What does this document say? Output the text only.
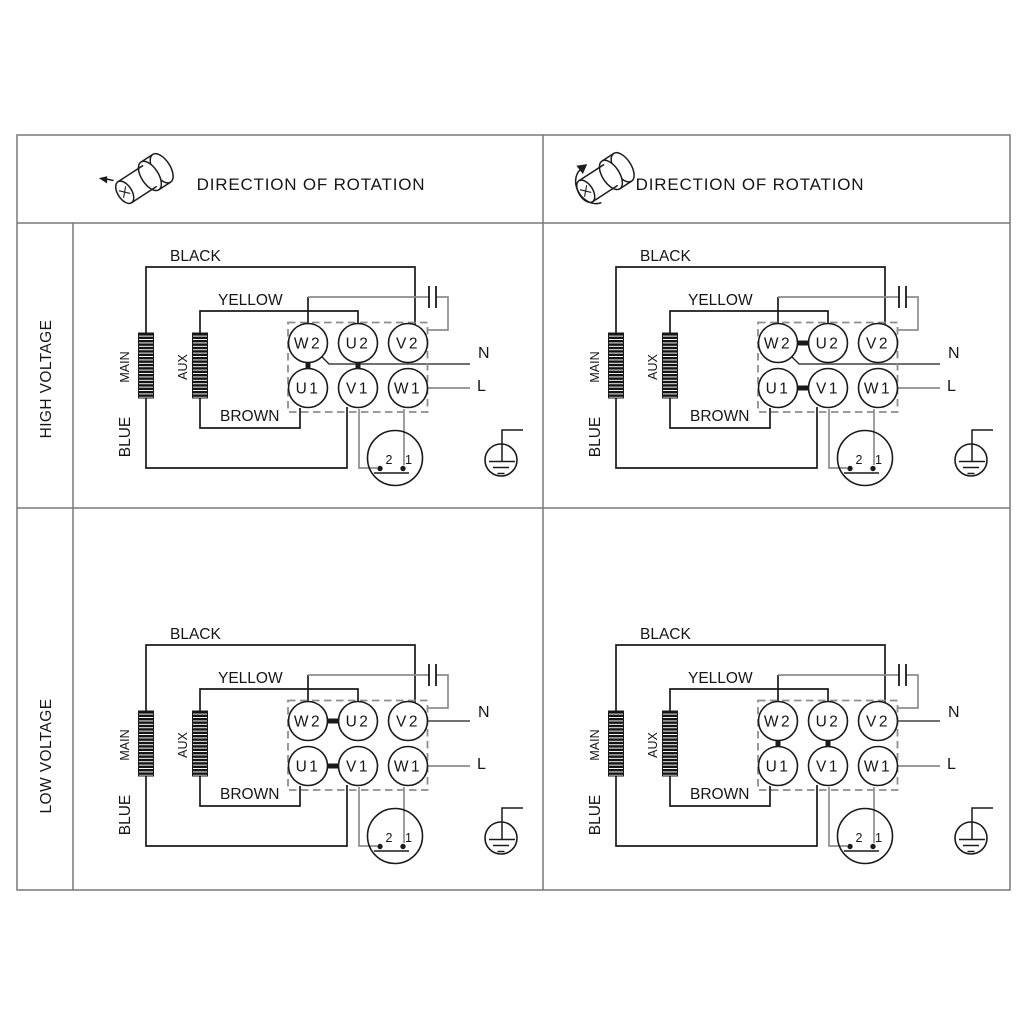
DIRECTION OF ROTATION	DIRECTION OF ROTATION
HIGH VOLTAGE
LOW VOLTAGE
W2 U2 V2
U1 V1 W1
2 1
BLACK
YELLOW
BROWN
BLUE
MAIN	AUX
N
L
W2 U2 V2
U1 V1 W1
2 1
BLACK
YELLOW
BROWN
BLUE
MAIN	AUX
N
L
W2 U2 V2
U1 V1 W1
2 1
BLACK
YELLOW
BROWN
BLUE
MAIN	AUX
N
L
W2 U2 V2
U1 V1 W1
2 1
BLACK
YELLOW
BROWN
BLUE
MAIN	AUX
N
L
